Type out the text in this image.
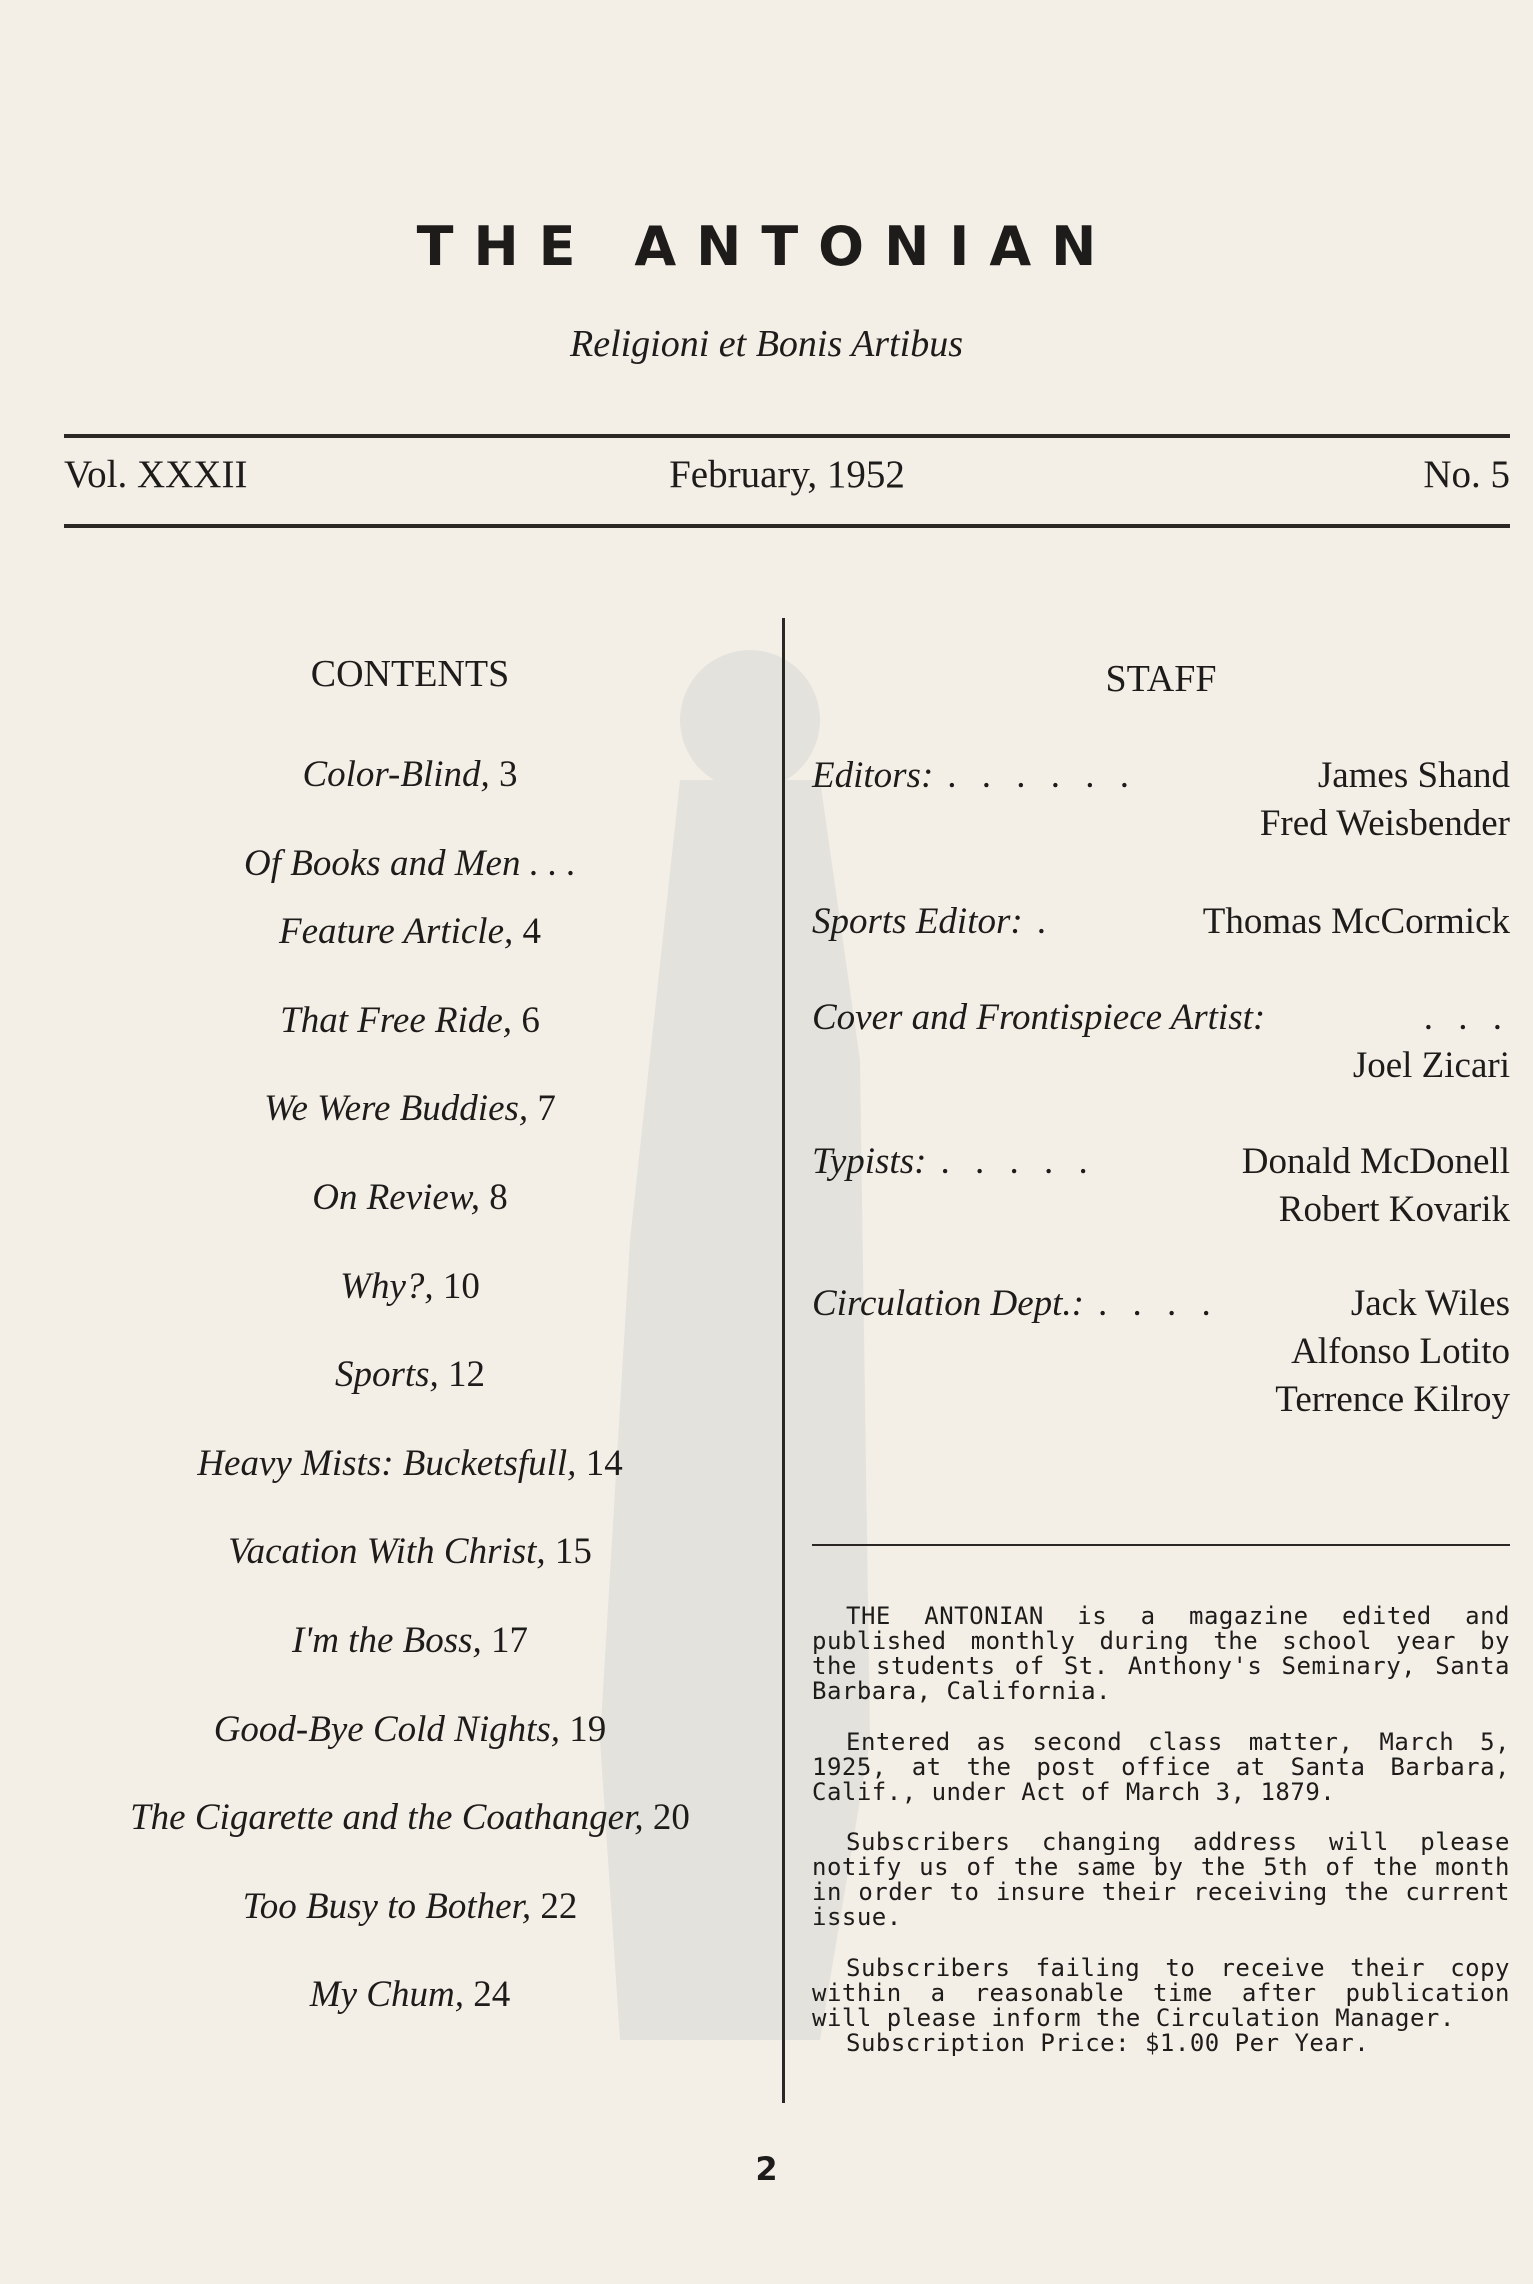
THE ANTONIAN
Religioni et Bonis Artibus
Vol. XXXII	February, 1952	No. 5
CONTENTS
Color-Blind, 3
Of Books and Men . . .
Feature Article, 4
That Free Ride, 6
We Were Buddies, 7
On Review, 8
Why?, 10
Sports, 12
Heavy Mists: Bucketsfull, 14
Vacation With Christ, 15
I'm the Boss, 17
Good-Bye Cold Nights, 19
The Cigarette and the Coathanger, 20
Too Busy to Bother, 22
My Chum, 24
STAFF
Editors: . . . . . .	James Shand
Fred Weisbender
Sports Editor: .	Thomas McCormick
Cover and Frontispiece Artist:	. . .
Joel Zicari
Typists: . . . . .	Donald McDonell
Robert Kovarik
Circulation Dept.: . . . .	Jack Wiles
Alfonso Lotito
Terrence Kilroy
THE ANTONIAN is a magazine edited and published monthly during the school year by the students of St. Anthony's Seminary, Santa Barbara, California.
Entered as second class matter, March 5, 1925, at the post office at Santa Barbara, Calif., under Act of March 3, 1879.
Subscribers changing address will please notify us of the same by the 5th of the month in order to insure their receiving the current issue.
Subscribers failing to receive their copy within a reasonable time after publication will please inform the Circulation Manager.
Subscription Price: $1.00 Per Year.
2
